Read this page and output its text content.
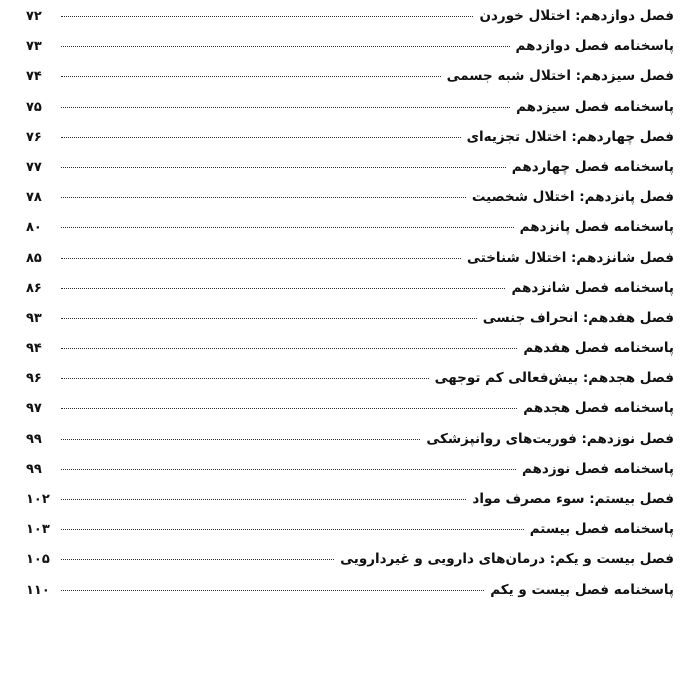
فصل دوازدهم: اختلال خوردن
۷۲
پاسخنامه فصل دوازدهم
۷۳
فصل سیزدهم: اختلال شبه جسمی
۷۴
پاسخنامه فصل سیزدهم
۷۵
فصل چهاردهم: اختلال تجزیه‌ای
۷۶
پاسخنامه فصل چهاردهم
۷۷
فصل پانزدهم: اختلال شخصیت
۷۸
پاسخنامه فصل پانزدهم
۸۰
فصل شانزدهم: اختلال شناختی
۸۵
پاسخنامه فصل شانزدهم
۸۶
فصل هفدهم: انحراف جنسی
۹۳
پاسخنامه فصل هفدهم
۹۴
فصل هجدهم: بیش‌فعالی کم توجهی
۹۶
پاسخنامه فصل هجدهم
۹۷
فصل نوزدهم: فوریت‌های روانپزشکی
۹۹
پاسخنامه فصل نوزدهم
۹۹
فصل بیستم: سوء مصرف مواد
۱۰۲
پاسخنامه فصل بیستم
۱۰۳
فصل بیست و یکم: درمان‌های دارویی و غیردارویی
۱۰۵
پاسخنامه فصل بیست و یکم
۱۱۰
